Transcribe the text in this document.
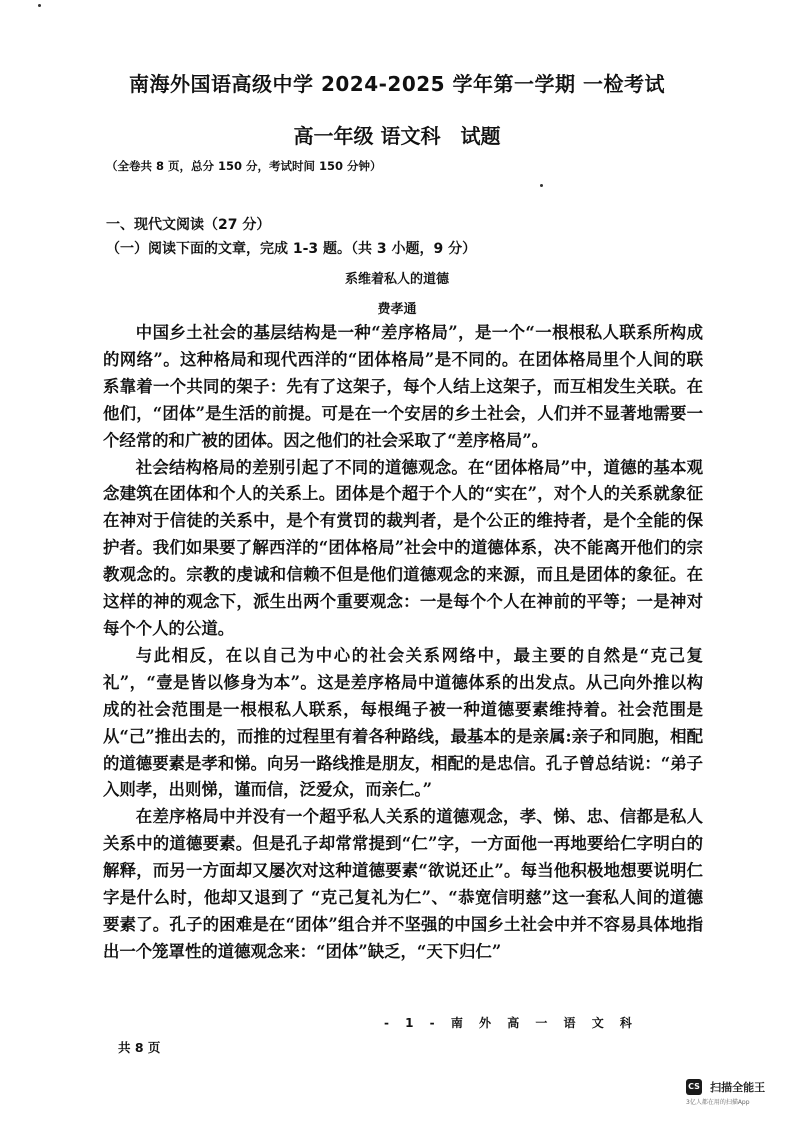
南海外国语高级中学 2024-2025 学年第一学期 一检考试
高一年级 语文科　试题
（全卷共 8 页，总分 150 分，考试时间 150 分钟）
一、现代文阅读（27 分）
（一）阅读下面的文章，完成 1-3 题。（共 3 小题，9 分）
系维着私人的道德
费孝通

中国乡土社会的基层结构是一种“差序格局”，是一个“一根根私人联系所构成的网络”。这种格局和现代西洋的“团体格局”是不同的。在团体格局里个人间的联系靠着一个共同的架子：先有了这架子，每个人结上这架子，而互相发生关联。在他们，“团体”是生活的前提。可是在一个安居的乡土社会，人们并不显著地需要一个经常的和广被的团体。因之他们的社会采取了“差序格局”。

社会结构格局的差别引起了不同的道德观念。在“团体格局”中，道德的基本观念建筑在团体和个人的关系上。团体是个超于个人的“实在”，对个人的关系就象征在神对于信徒的关系中，是个有赏罚的裁判者，是个公正的维持者，是个全能的保护者。我们如果要了解西洋的“团体格局”社会中的道德体系，决不能离开他们的宗教观念的。宗教的虔诚和信赖不但是他们道德观念的来源，而且是团体的象征。在这样的神的观念下，派生出两个重要观念：一是每个个人在神前的平等；一是神对每个个人的公道。

与此相反，在以自己为中心的社会关系网络中，最主要的自然是“克己复礼”，“壹是皆以修身为本”。这是差序格局中道德体系的出发点。从己向外推以构成的社会范围是一根根私人联系，每根绳子被一种道德要素维持着。社会范围是从“己”推出去的，而推的过程里有着各种路线，最基本的是亲属:亲子和同胞，相配的道德要素是孝和悌。向另一路线推是朋友，相配的是忠信。孔子曾总结说：“弟子入则孝，出则悌，谨而信，泛爱众，而亲仁。”

在差序格局中并没有一个超乎私人关系的道德观念，孝、悌、忠、信都是私人关系中的道德要素。但是孔子却常常提到“仁”字，一方面他一再地要给仁字明白的解释，而另一方面却又屡次对这种道德要素“欲说还止”。每当他积极地想要说明仁字是什么时，他却又退到了 “克己复礼为仁”、“恭宽信明慈”这一套私人间的道德要素了。孔子的困难是在“团体”组合并不坚强的中国乡土社会中并不容易具体地指出一个笼罩性的道德观念来：“团体”缺乏，“天下归仁”

- 1 - 南 外 高 一 语 文 科
共 8 页
CS 扫描全能王
3亿人都在用的扫描App
